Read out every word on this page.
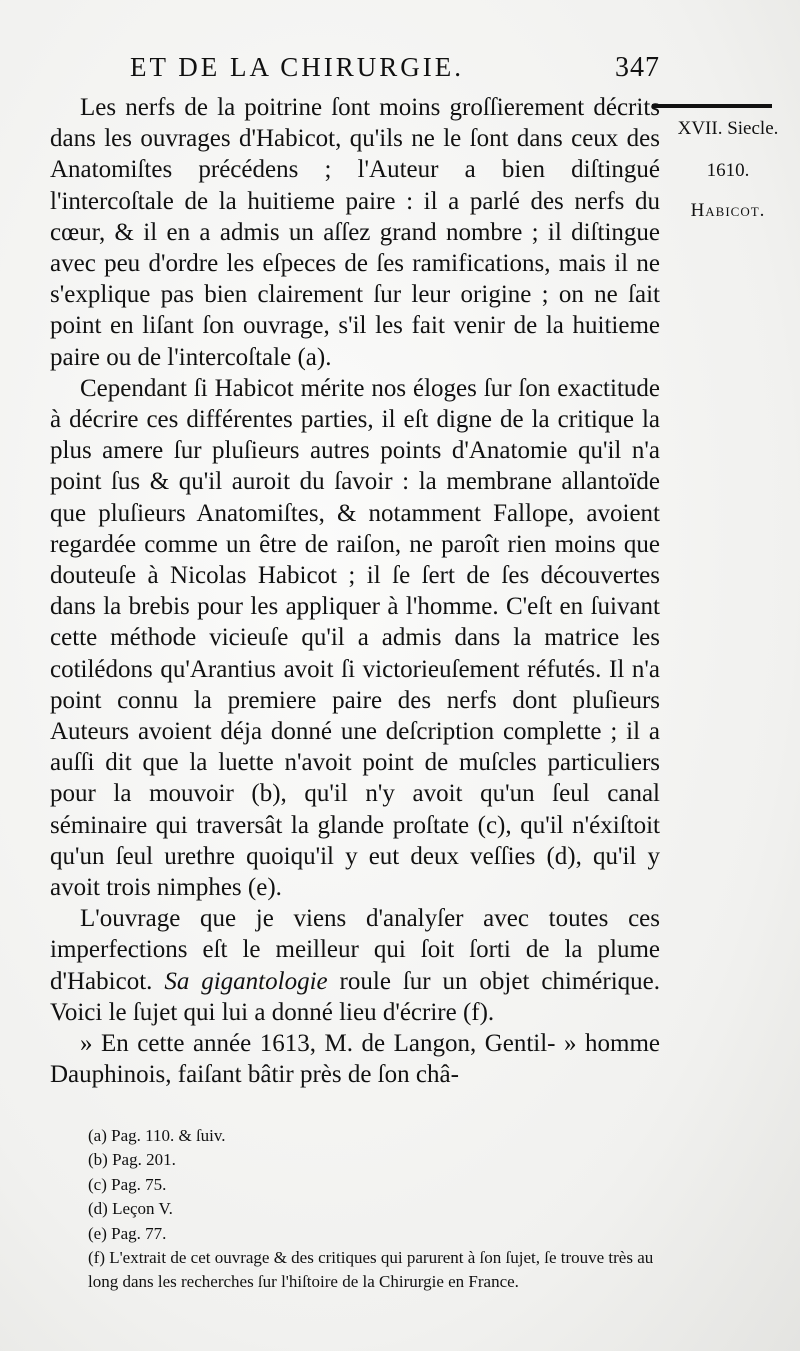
ET DE LA CHIRURGIE.	347
XVII. Siecle.
1610.
Habicot.

Les nerfs de la poitrine ſont moins groſſierement décrits dans les ouvrages d'Habicot, qu'ils ne le ſont dans ceux des Anatomiſtes précédens ; l'Auteur a bien diſtingué l'intercoſtale de la huitieme paire : il a parlé des nerfs du cœur, & il en a admis un aſſez grand nombre ; il diſtingue avec peu d'ordre les eſpeces de ſes ramifications, mais il ne s'explique pas bien clairement ſur leur origine ; on ne ſait point en liſant ſon ouvrage, s'il les fait venir de la huitieme paire ou de l'intercoſtale (a).

Cependant ſi Habicot mérite nos éloges ſur ſon exactitude à décrire ces différentes parties, il eſt digne de la critique la plus amere ſur pluſieurs autres points d'Anatomie qu'il n'a point ſus & qu'il auroit du ſavoir : la membrane allantoïde que pluſieurs Anatomiſtes, & notamment Fallope, avoient regardée comme un être de raiſon, ne paroît rien moins que douteuſe à Nicolas Habicot ; il ſe ſert de ſes découvertes dans la brebis pour les appliquer à l'homme. C'eſt en ſuivant cette méthode vicieuſe qu'il a admis dans la matrice les cotilédons qu'Arantius avoit ſi victorieuſement réfutés. Il n'a point connu la premiere paire des nerfs dont pluſieurs Auteurs avoient déja donné une deſcription complette ; il a auſſi dit que la luette n'avoit point de muſcles particuliers pour la mouvoir (b), qu'il n'y avoit qu'un ſeul canal séminaire qui traversât la glande proſtate (c), qu'il n'éxiſtoit qu'un ſeul urethre quoiqu'il y eut deux veſſies (d), qu'il y avoit trois nimphes (e).

L'ouvrage que je viens d'analyſer avec toutes ces imperfections eſt le meilleur qui ſoit ſorti de la plume d'Habicot. Sa gigantologie roule ſur un objet chimérique. Voici le ſujet qui lui a donné lieu d'écrire (f).

» En cette année 1613, M. de Langon, Gentil- » homme Dauphinois, faiſant bâtir près de ſon châ-

(a) Pag. 110. & ſuiv.
(b) Pag. 201.
(c) Pag. 75.
(d) Leçon V.
(e) Pag. 77.
(f) L'extrait de cet ouvrage & des critiques qui parurent à ſon ſujet, ſe trouve très au long dans les recherches ſur l'hiſtoire de la Chirurgie en France.
